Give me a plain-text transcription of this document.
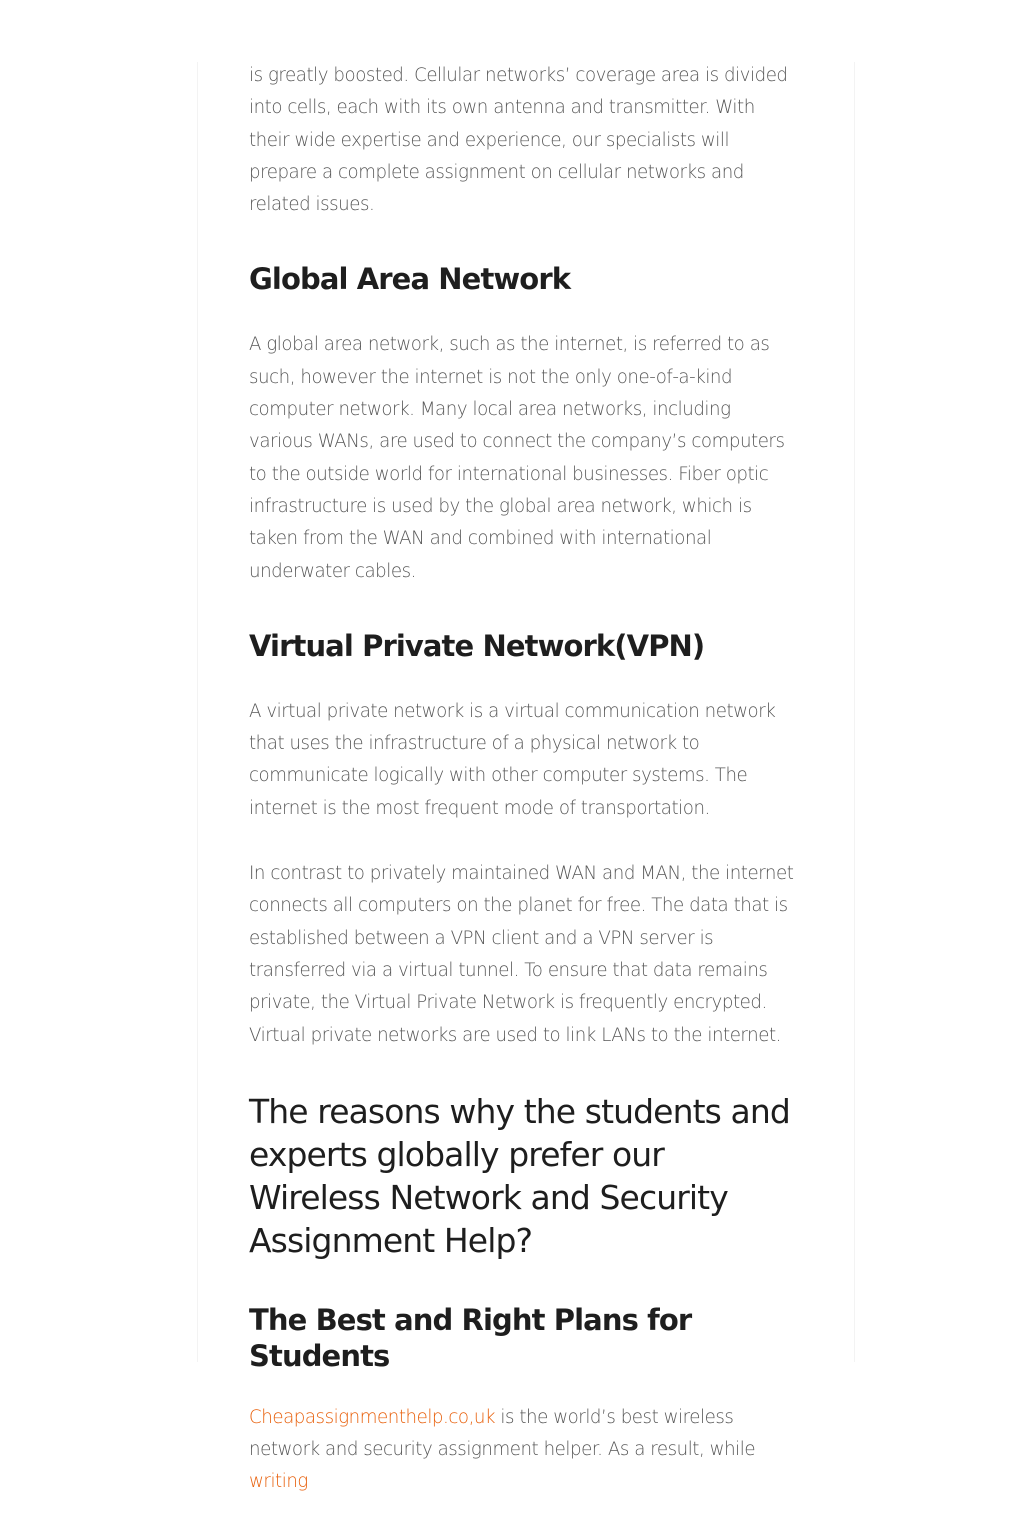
is greatly boosted. Cellular networks’ coverage area is divided into cells, each with its own antenna and transmitter. With their wide expertise and experience, our specialists will prepare a complete assignment on cellular networks and related issues.

Global Area Network

A global area network, such as the internet, is referred to as such, however the internet is not the only one-of-a-kind computer network. Many local area networks, including various WANs, are used to connect the company’s computers to the outside world for international businesses. Fiber optic infrastructure is used by the global area network, which is taken from the WAN and combined with international underwater cables.

Virtual Private Network(VPN)

A virtual private network is a virtual communication network that uses the infrastructure of a physical network to communicate logically with other computer systems. The internet is the most frequent mode of transportation.

In contrast to privately maintained WAN and MAN, the internet connects all computers on the planet for free. The data that is established between a VPN client and a VPN server is transferred via a virtual tunnel. To ensure that data remains private, the Virtual Private Network is frequently encrypted. Virtual private networks are used to link LANs to the internet.

The reasons why the students and experts globally prefer our Wireless Network and Security Assignment Help?
The Best and Right Plans for Students

Cheapassignmenthelp.co,uk is the world’s best wireless network and security assignment helper. As a result, while writing
